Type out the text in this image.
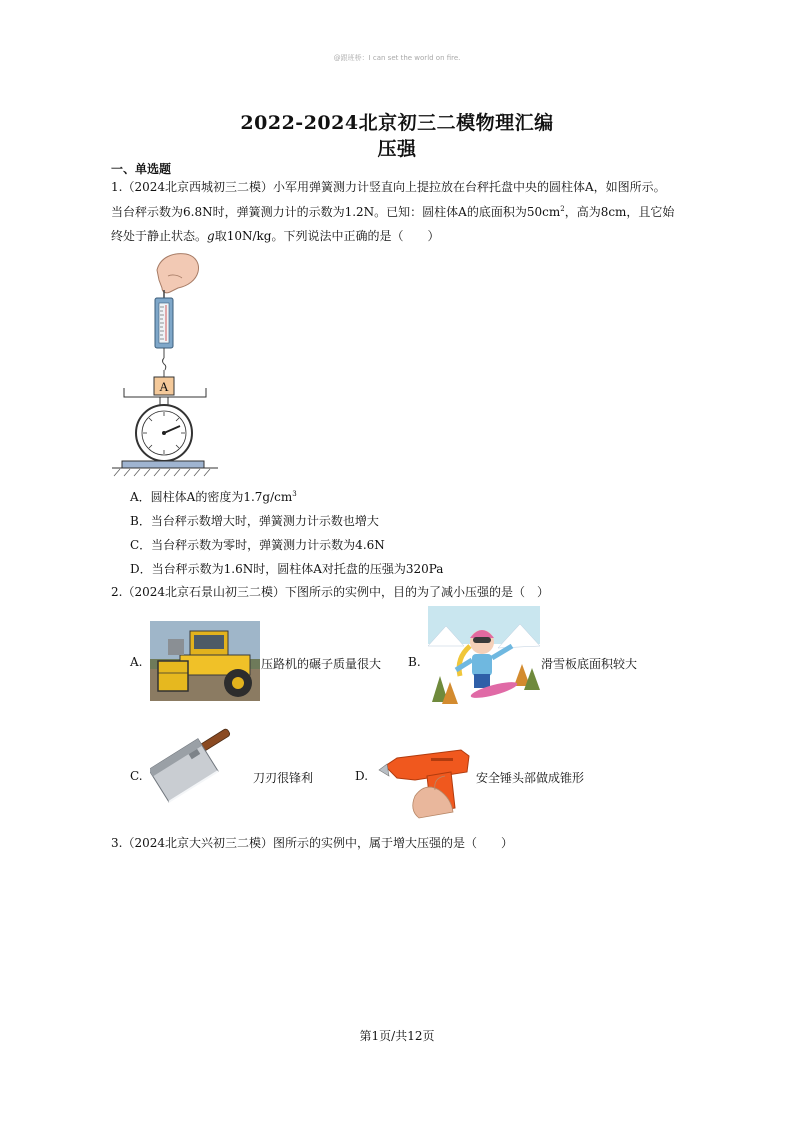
@跟班桥：I can set the world on fire.
2022-2024北京初三二模物理汇编
压强
一、单选题
1.（2024北京西城初三二模）小军用弹簧测力计竖直向上提拉放在台秤托盘中央的圆柱体A，如图所示。
当台秤示数为6.8N时，弹簧测力计的示数为1.2N。已知：圆柱体A的底面积为$50cm^2$，高为8cm，且它始
终处于静止状态。g取10N/kg。下列说法中正确的是（　　）
A
A．圆柱体A的密度为$1.7g/cm^3$
B．当台秤示数增大时，弹簧测力计示数也增大
C．当台秤示数为零时，弹簧测力计示数为4.6N
D．当台秤示数为1.6N时，圆柱体A对托盘的压强为320Pa
2.（2024北京石景山初三二模）下图所示的实例中，目的为了减小压强的是（　）
A.	压路机的碾子质量很大 B.	滑雪板底面积较大
C.	刀刃很锋利	D.	安全锤头部做成锥形
3.（2024北京大兴初三二模）图所示的实例中，属于增大压强的是（　　）
第1页/共12页
